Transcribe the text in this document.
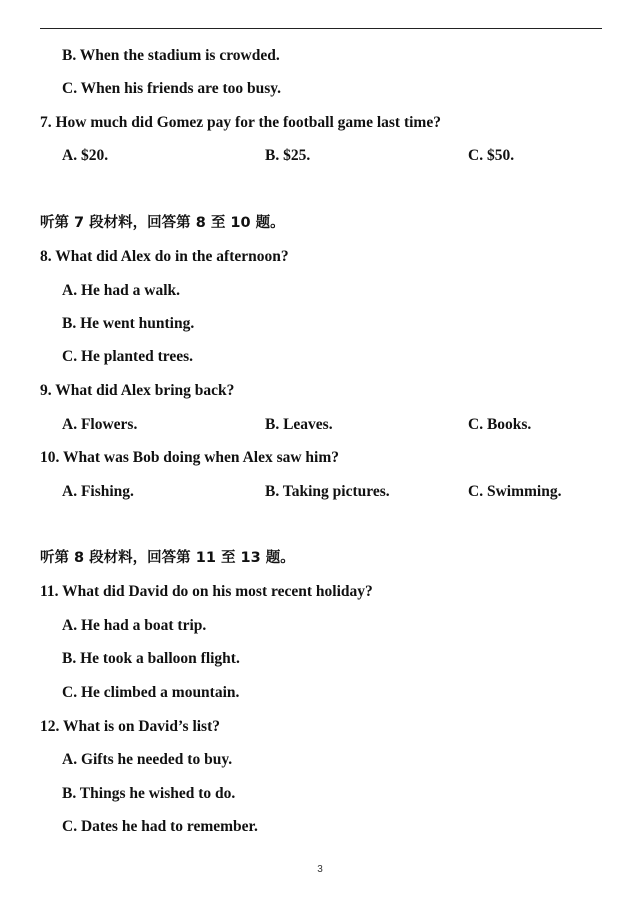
B. When the stadium is crowded.
C. When his friends are too busy.
7. How much did Gomez pay for the football game last time?
A. $20.	B. $25.	C. $50.
听第 7 段材料，回答第 8 至 10 题。
8. What did Alex do in the afternoon?
A. He had a walk.
B. He went hunting.
C. He planted trees.
9. What did Alex bring back?
A. Flowers.	B. Leaves.	C. Books.
10. What was Bob doing when Alex saw him?
A. Fishing.	B. Taking pictures.	C. Swimming.
听第 8 段材料，回答第 11 至 13 题。
11. What did David do on his most recent holiday?
A. He had a boat trip.
B. He took a balloon flight.
C. He climbed a mountain.
12. What is on David’s list?
A. Gifts he needed to buy.
B. Things he wished to do.
C. Dates he had to remember.
3
